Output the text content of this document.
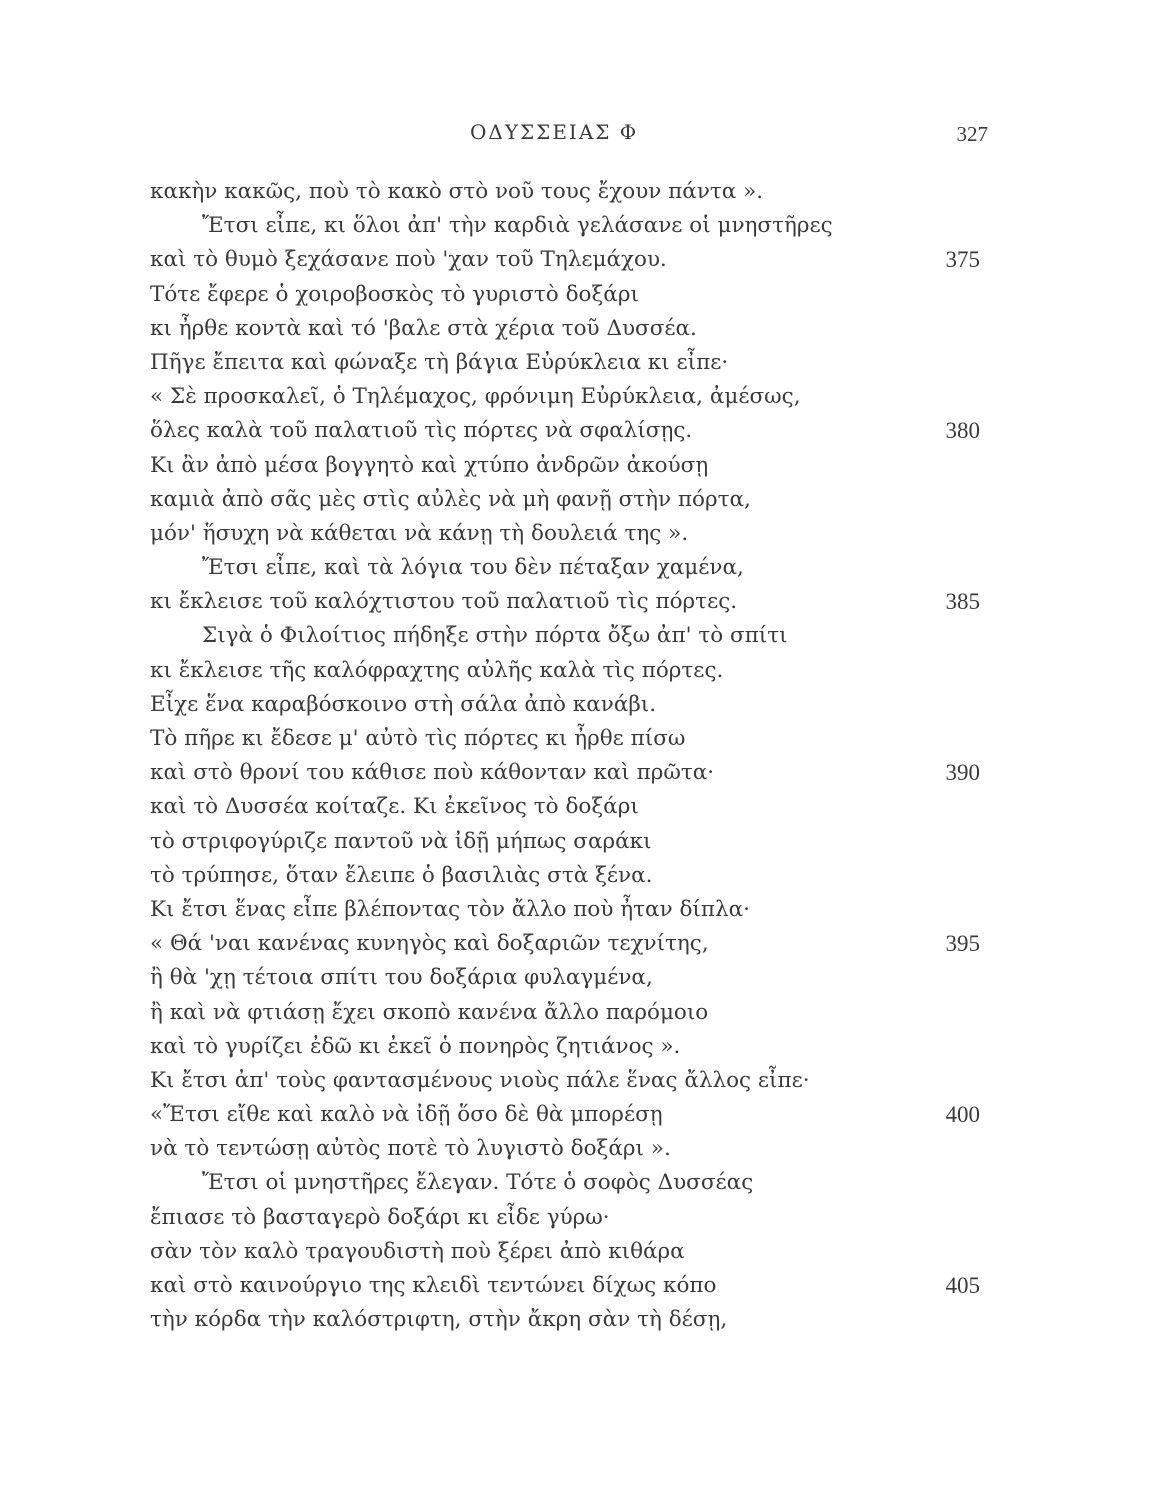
ΟΔΥΣΣΕΙΑΣ Φ	327
κακὴν κακῶς, ποὺ τὸ κακὸ στὸ νοῦ τους ἔχουν πάντα ».
Ἔτσι εἶπε, κι ὅλοι ἀπ' τὴν καρδιὰ γελάσανε οἱ μνηστῆρες
καὶ τὸ θυμὸ ξεχάσανε ποὺ 'χαν τοῦ Τηλεμάχου.	375
Τότε ἔφερε ὁ χοιροβοσκὸς τὸ γυριστὸ δοξάρι
κι ἦρθε κοντὰ καὶ τό 'βαλε στὰ χέρια τοῦ Δυσσέα.
Πῆγε ἔπειτα καὶ φώναξε τὴ βάγια Εὐρύκλεια κι εἶπε·
« Σὲ προσκαλεῖ, ὁ Τηλέμαχος, φρόνιμη Εὐρύκλεια, ἀμέσως,
ὅλες καλὰ τοῦ παλατιοῦ τὶς πόρτες νὰ σφαλίσῃς.	380
Κι ἂν ἀπὸ μέσα βογγητὸ καὶ χτύπο ἀνδρῶν ἀκούσῃ
καμιὰ ἀπὸ σᾶς μὲς στὶς αὐλὲς νὰ μὴ φανῇ στὴν πόρτα,
μόν' ἥσυχη νὰ κάθεται νὰ κάνῃ τὴ δουλειά της ».
Ἔτσι εἶπε, καὶ τὰ λόγια του δὲν πέταξαν χαμένα,
κι ἔκλεισε τοῦ καλόχτιστου τοῦ παλατιοῦ τὶς πόρτες.	385
Σιγὰ ὁ Φιλοίτιος πήδηξε στὴν πόρτα ὄξω ἀπ' τὸ σπίτι
κι ἔκλεισε τῆς καλόφραχτης αὐλῆς καλὰ τὶς πόρτες.
Εἶχε ἕνα καραβόσκοινο στὴ σάλα ἀπὸ κανάβι.
Τὸ πῆρε κι ἔδεσε μ' αὐτὸ τὶς πόρτες κι ἦρθε πίσω
καὶ στὸ θρονί του κάθισε ποὺ κάθονταν καὶ πρῶτα·	390
καὶ τὸ Δυσσέα κοίταζε. Κι ἐκεῖνος τὸ δοξάρι
τὸ στριφογύριζε παντοῦ νὰ ἰδῇ μήπως σαράκι
τὸ τρύπησε, ὅταν ἔλειπε ὁ βασιλιὰς στὰ ξένα.
Κι ἔτσι ἕνας εἶπε βλέποντας τὸν ἄλλο ποὺ ἦταν δίπλα·
« Θά 'ναι κανένας κυνηγὸς καὶ δοξαριῶν τεχνίτης,	395
ἢ θὰ 'χῃ τέτοια σπίτι του δοξάρια φυλαγμένα,
ἢ καὶ νὰ φτιάσῃ ἔχει σκοπὸ κανένα ἄλλο παρόμοιο
καὶ τὸ γυρίζει ἐδῶ κι ἐκεῖ ὁ πονηρὸς ζητιάνος ».
Κι ἔτσι ἀπ' τοὺς φαντασμένους νιοὺς πάλε ἕνας ἄλλος εἶπε·
«Ἔτσι εἴθε καὶ καλὸ νὰ ἰδῇ ὅσο δὲ θὰ μπορέσῃ	400
νὰ τὸ τεντώσῃ αὐτὸς ποτὲ τὸ λυγιστὸ δοξάρι ».
Ἔτσι οἱ μνηστῆρες ἔλεγαν. Τότε ὁ σοφὸς Δυσσέας
ἔπιασε τὸ βασταγερὸ δοξάρι κι εἶδε γύρω·
σὰν τὸν καλὸ τραγουδιστὴ ποὺ ξέρει ἀπὸ κιθάρα
καὶ στὸ καινούργιο της κλειδὶ τεντώνει δίχως κόπο	405
τὴν κόρδα τὴν καλόστριφτη, στὴν ἄκρη σὰν τὴ δέσῃ,
